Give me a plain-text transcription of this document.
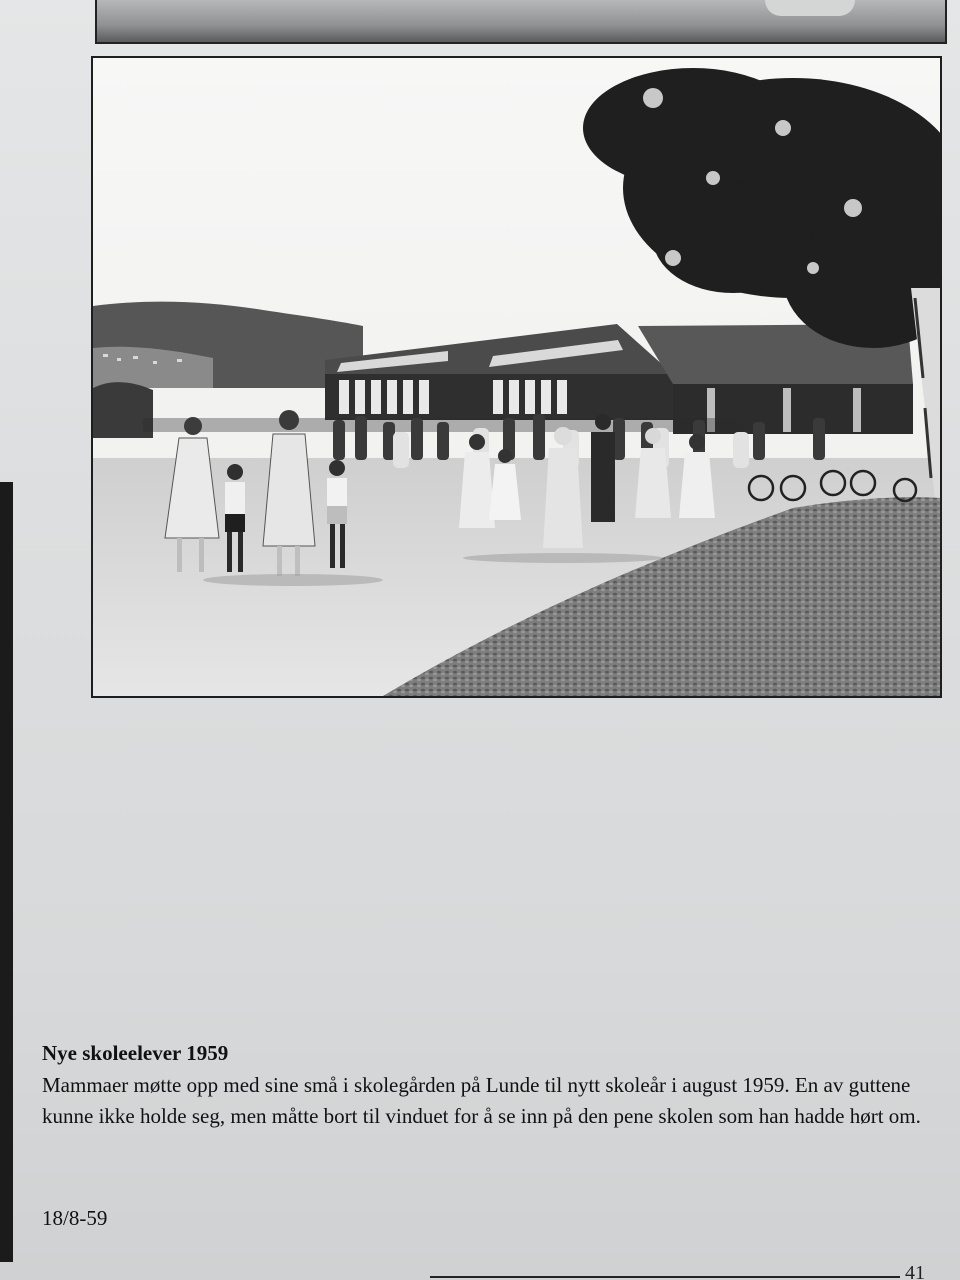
Nye skoleelever 1959

Mammaer møtte opp med sine små i skolegården på Lunde til nytt skoleår i august 1959. En av guttene kunne ikke holde seg, men måtte bort til vinduet for å se inn på den pene skolen som han hadde hørt om.

18/8-59
41
